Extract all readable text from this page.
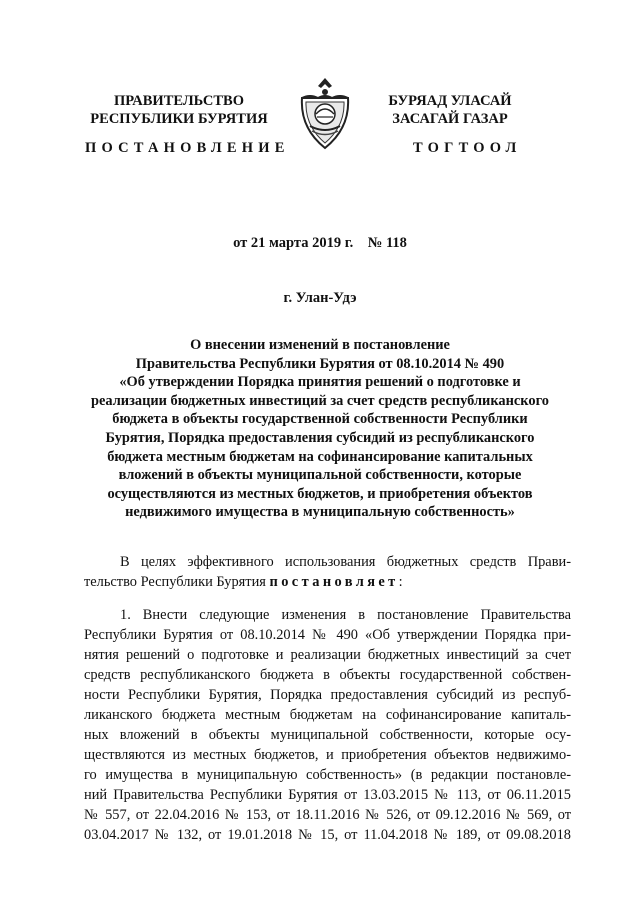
ПРАВИТЕЛЬСТВО
РЕСПУБЛИКИ БУРЯТИЯ
БУРЯАД УЛАСАЙ
ЗАСАГАЙ ГАЗАР
ПОСТАНОВЛЕНИЕ	ТОГТООЛ
от 21 марта 2019 г.    № 118
г. Улан-Удэ
О внесении изменений в постановление
Правительства Республики Бурятия от 08.10.2014 № 490
«Об утверждении Порядка принятия решений о подготовке и
реализации бюджетных инвестиций за счет средств республиканского
бюджета в объекты государственной собственности Республики
Бурятия, Порядка предоставления субсидий из республиканского
бюджета местным бюджетам на софинансирование капитальных
вложений в объекты муниципальной собственности, которые
осуществляются из местных бюджетов, и приобретения объектов
недвижимого имущества в муниципальную собственность»
В целях эффективного использования бюджетных средств Прави-
тельство Республики Бурятия постановляет:
1. Внести следующие изменения в постановление Правительства
Республики Бурятия от 08.10.2014 № 490 «Об утверждении Порядка при-
нятия решений о подготовке и реализации бюджетных инвестиций за счет
средств республиканского бюджета в объекты государственной собствен-
ности Республики Бурятия, Порядка предоставления субсидий из респуб-
ликанского бюджета местным бюджетам на софинансирование капиталь-
ных вложений в объекты муниципальной собственности, которые осу-
ществляются из местных бюджетов, и приобретения объектов недвижимо-
го имущества в муниципальную собственность» (в редакции постановле-
ний Правительства Республики Бурятия от 13.03.2015 № 113, от 06.11.2015
№ 557, от 22.04.2016 № 153, от 18.11.2016 № 526, от 09.12.2016 № 569, от
03.04.2017 № 132, от 19.01.2018 № 15, от 11.04.2018 № 189, от 09.08.2018
